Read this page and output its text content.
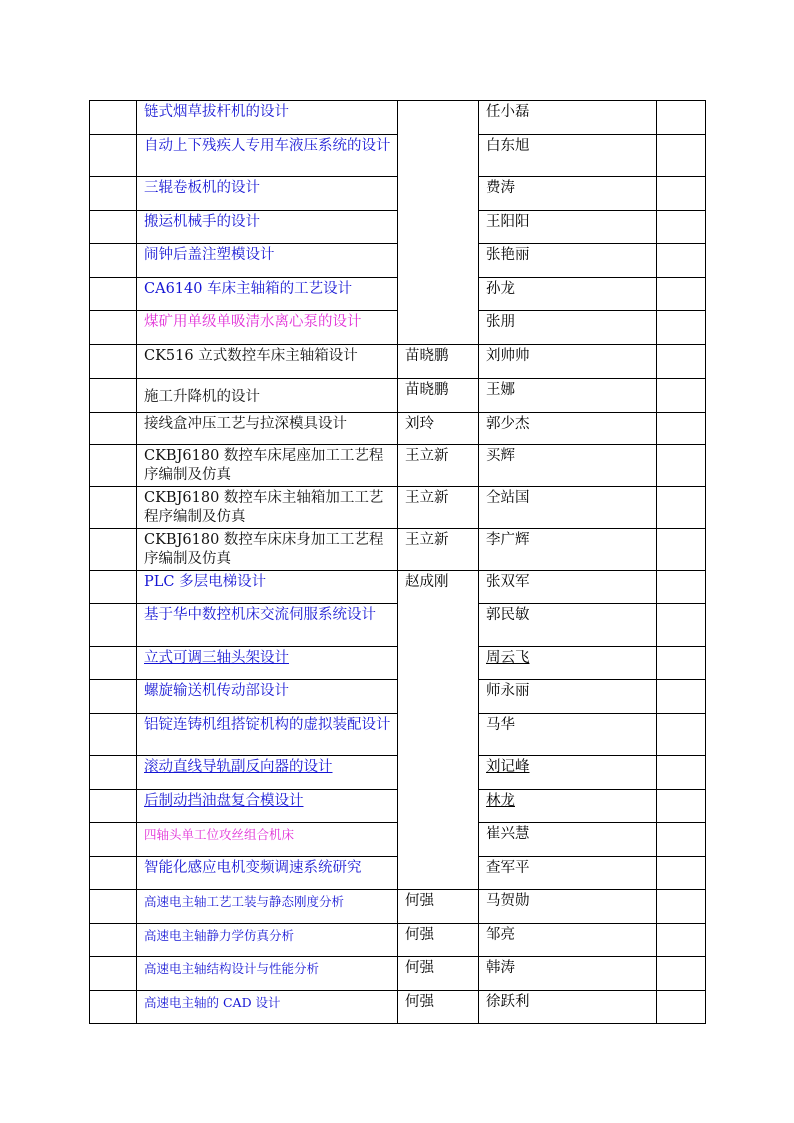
	链式烟草拔杆机的设计		任小磊	
	自动上下残疾人专用车液压系统的设计		白东旭	
	三辊卷板机的设计		费涛	
	搬运机械手的设计		王阳阳	
	闹钟后盖注塑模设计		张艳丽	
	CA6140 车床主轴箱的工艺设计		孙龙	
	煤矿用单级单吸清水离心泵的设计		张朋	
	CK516 立式数控车床主轴箱设计	苗晓鹏	刘帅帅	
	施工升降机的设计	苗晓鹏	王娜	
	接线盒冲压工艺与拉深模具设计	刘玲	郭少杰	
	CKBJ6180 数控车床尾座加工工艺程序编制及仿真	王立新	买辉	
	CKBJ6180 数控车床主轴箱加工工艺程序编制及仿真	王立新	仝站国	
	CKBJ6180 数控车床床身加工工艺程序编制及仿真	王立新	李广辉	
	PLC 多层电梯设计	赵成刚	张双军	
	基于华中数控机床交流伺服系统设计		郭民敏	
	立式可调三轴头架设计		周云飞	
	螺旋输送机传动部设计		师永丽	
	铝锭连铸机组搭锭机构的虚拟装配设计		马华	
	滚动直线导轨副反向器的设计		刘记峰	
	后制动挡油盘复合模设计		林龙	
	四轴头单工位攻丝组合机床		崔兴慧	
	智能化感应电机变频调速系统研究		查军平	
	高速电主轴工艺工装与静态刚度分析	何强	马贺勋	
	高速电主轴静力学仿真分析	何强	邹亮	
	高速电主轴结构设计与性能分析	何强	韩涛	
	高速电主轴的 CAD 设计	何强	徐跃利	
